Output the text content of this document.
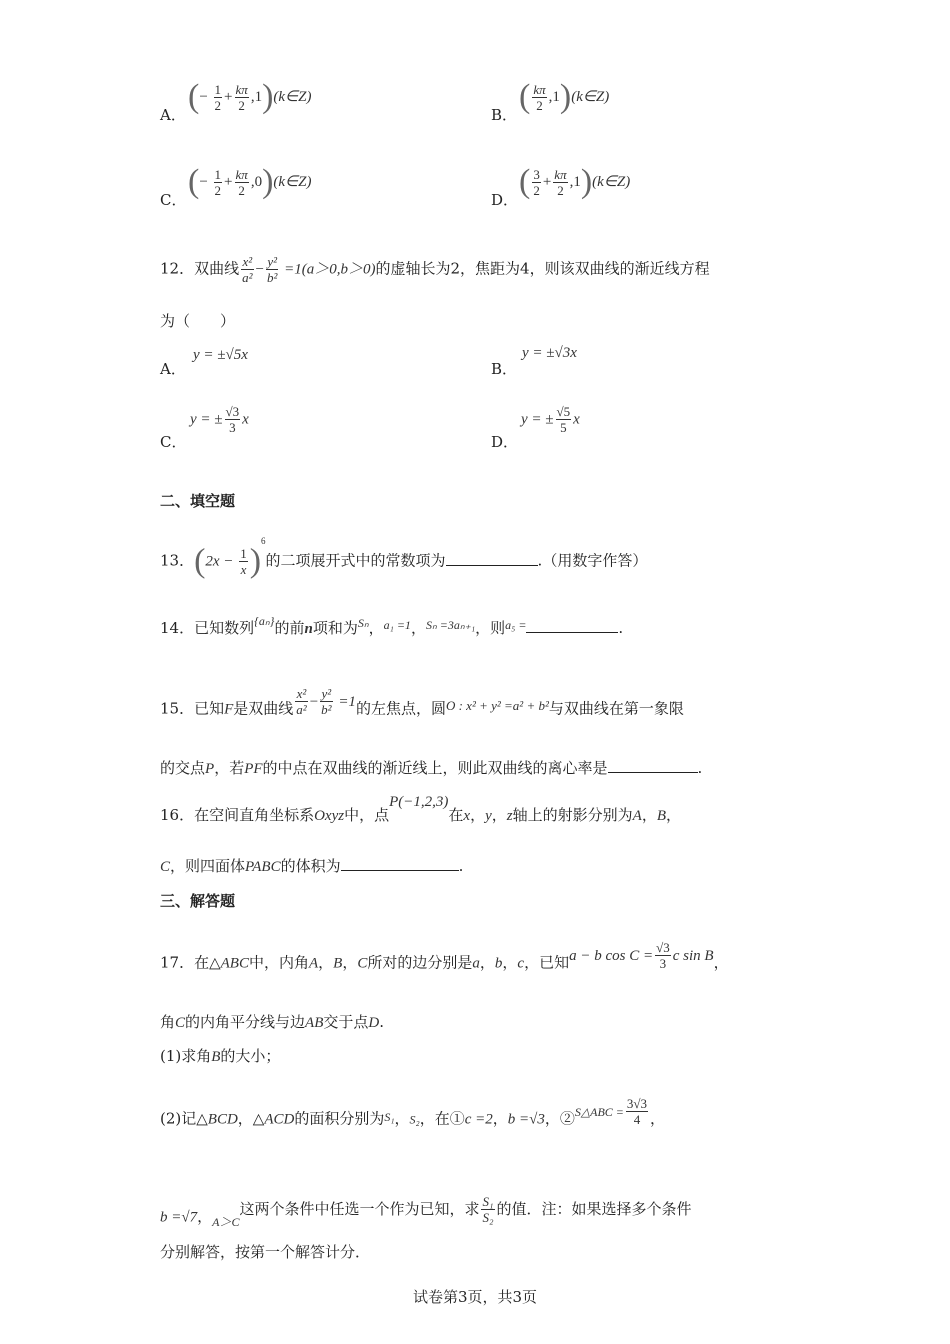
A． (− $\frac{1}{2} + \frac{k\pi}{2}$ ,1)(k∈Z)
B． ( $\frac{k\pi}{2}$ ,1)(k∈Z)
C． (− $\frac{1}{2} + \frac{k\pi}{2}$ ,0)(k∈Z)
D． ( $\frac{3}{2} + \frac{k\pi}{2}$ ,1)(k∈Z)
12．双曲线 $\frac{\text{x²}}{\text{a²}} - \frac{\text{y²}}{\text{b²}} =1(a>0,b>0)$的虚轴长为2，焦距为4，则该双曲线的渐近线方程
为（　　）
A．
y = ±√5x
B．
y = ±√3x
C．
y = ± $\frac{√3}{3}$ x
D．
y = ± $\frac{√5}{5}$ x
二、填空题
13．$(2x - \frac{1}{x} )^6$的二项展开式中的常数项为	.（用数字作答）
14．已知数列$^{\{a_n\}}$的前n项和为$^{S_n}$，$^{a_1 =1}$，$^{S_n =3a_{n+1}}$，则$^{a_5 =}$	.
15．已知F是双曲线 $\frac{\text{x²}}{\text{a²}} - \frac{\text{y²}}{\text{b²}} =1$的左焦点，圆O : x² + y² =a² + b²与双曲线在第一象限
的交点P，若PF的中点在双曲线的渐近线上，则此双曲线的离心率是	.
16．在空间直角坐标系Oxyz中，点P(−1,2,3)在x，y，z轴上的射影分别为A，B，
C，则四面体PABC的体积为	.
三、解答题
17．在△ABC中，内角A，B，C所对的边分别是a，b，c，已知a − b $\cos C = \frac{√3}{3}$ c sin B，
角C的内角平分线与边AB交于点D.
(1)求角B的大小；
(2)记△BCD，△ACD的面积分别为$^{S_1}$，S₂，在①c =2，b =√3，②$^{S\triangle ABC =}$ $\frac{3√3}{4}$ ，
b =√7，$_{A>C}$这两个条件中任选一个作为已知，求 $\frac{\text{S₁}}{\text{S₂}}$ 的值．注：如果选择多个条件
分别解答，按第一个解答计分．
试卷第3页，共3页
